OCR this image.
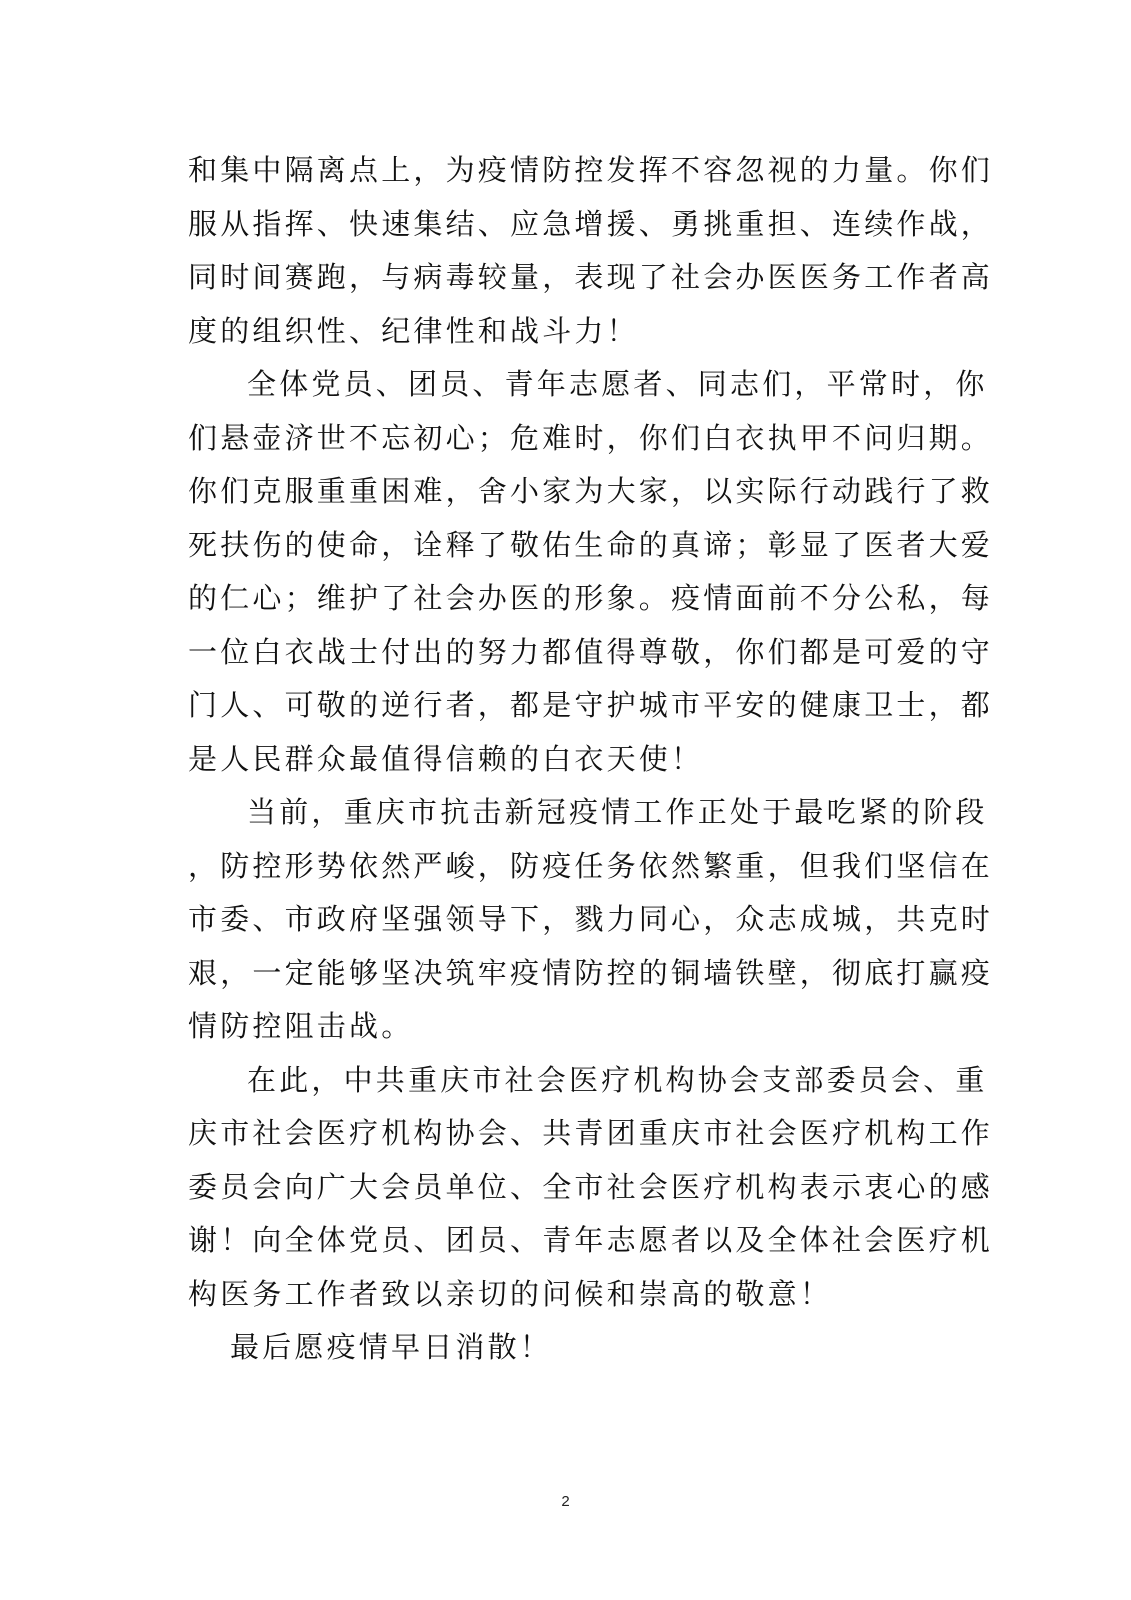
和集中隔离点上，为疫情防控发挥不容忽视的力量。你们
服从指挥、快速集结、应急增援、勇挑重担、连续作战，
同时间赛跑，与病毒较量，表现了社会办医医务工作者高
度的组织性、纪律性和战斗力！
全体党员、团员、青年志愿者、同志们，平常时，你
们悬壶济世不忘初心；危难时，你们白衣执甲不问归期。
你们克服重重困难，舍小家为大家，以实际行动践行了救
死扶伤的使命，诠释了敬佑生命的真谛；彰显了医者大爱
的仁心；维护了社会办医的形象。疫情面前不分公私，每
一位白衣战士付出的努力都值得尊敬，你们都是可爱的守
门人、可敬的逆行者，都是守护城市平安的健康卫士，都
是人民群众最值得信赖的白衣天使！
当前，重庆市抗击新冠疫情工作正处于最吃紧的阶段
，防控形势依然严峻，防疫任务依然繁重，但我们坚信在
市委、市政府坚强领导下，戮力同心，众志成城，共克时
艰，一定能够坚决筑牢疫情防控的铜墙铁壁，彻底打赢疫
情防控阻击战。
在此，中共重庆市社会医疗机构协会支部委员会、重
庆市社会医疗机构协会、共青团重庆市社会医疗机构工作
委员会向广大会员单位、全市社会医疗机构表示衷心的感
谢！向全体党员、团员、青年志愿者以及全体社会医疗机
构医务工作者致以亲切的问候和崇高的敬意！
最后愿疫情早日消散！
2
